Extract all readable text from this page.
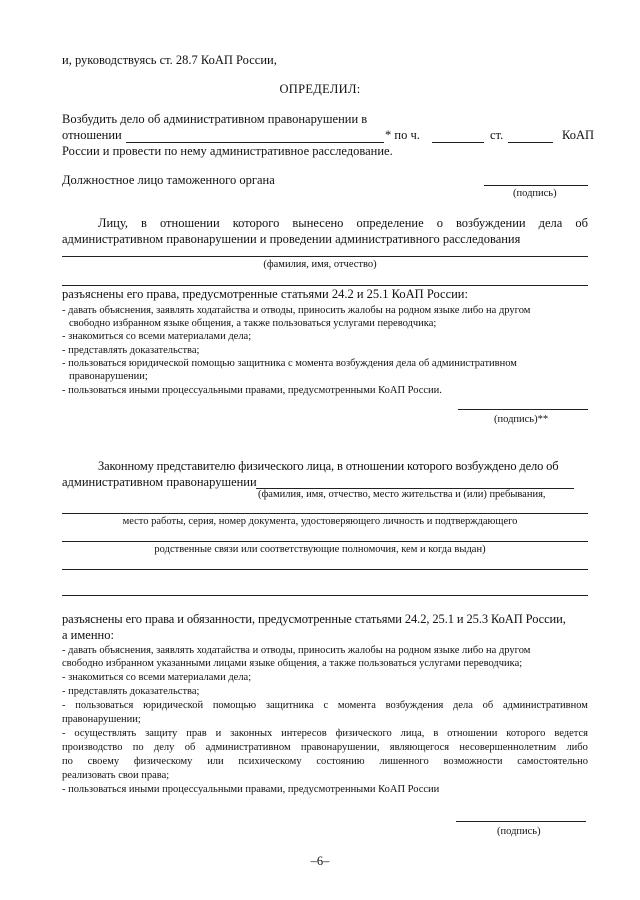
и, руководствуясь ст. 28.7 КоАП России,
ОПРЕДЕЛИЛ:
Возбудить дело об административном правонарушении в
отношении	* по ч.	ст.	КоАП
России и провести по нему административное расследование.
Должностное лицо таможенного органа
(подпись)
Лицу, в отношении которого вынесено определение о возбуждении дела об
административном правонарушении и проведении административного расследования
(фамилия, имя, отчество)
разъяснены его права, предусмотренные статьями 24.2 и 25.1 КоАП России:
- давать объяснения, заявлять ходатайства и отводы, приносить жалобы на родном языке либо на другом
свободно избранном языке общения, а также пользоваться услугами переводчика;
- знакомиться со всеми материалами дела;
- представлять доказательства;
- пользоваться юридической помощью защитника с момента возбуждения дела об административном
правонарушении;
- пользоваться иными процессуальными правами, предусмотренными КоАП России.
(подпись)**
Законному представителю физического лица, в отношении которого возбуждено дело об
административном правонарушении
(фамилия, имя, отчество, место жительства и (или) пребывания,
место работы, серия, номер документа, удостоверяющего личность и подтверждающего
родственные связи или соответствующие полномочия, кем и когда выдан)
разъяснены его права и обязанности, предусмотренные статьями 24.2, 25.1 и 25.3 КоАП России,
а именно:
- давать объяснения, заявлять ходатайства и отводы, приносить жалобы на родном языке либо на другом
свободно избранном указанными лицами языке общения, а также пользоваться услугами переводчика;
- знакомиться со всеми материалами дела;
- представлять доказательства;
- пользоваться юридической помощью защитника с момента возбуждения дела об административном
правонарушении;
- осуществлять защиту прав и законных интересов физического лица, в отношении которого ведется
производство по делу об административном правонарушении, являющегося несовершеннолетним либо
по своему физическому или психическому состоянию лишенного возможности самостоятельно
реализовать свои права;
- пользоваться иными процессуальными правами, предусмотренными КоАП России
(подпись)
–6–
